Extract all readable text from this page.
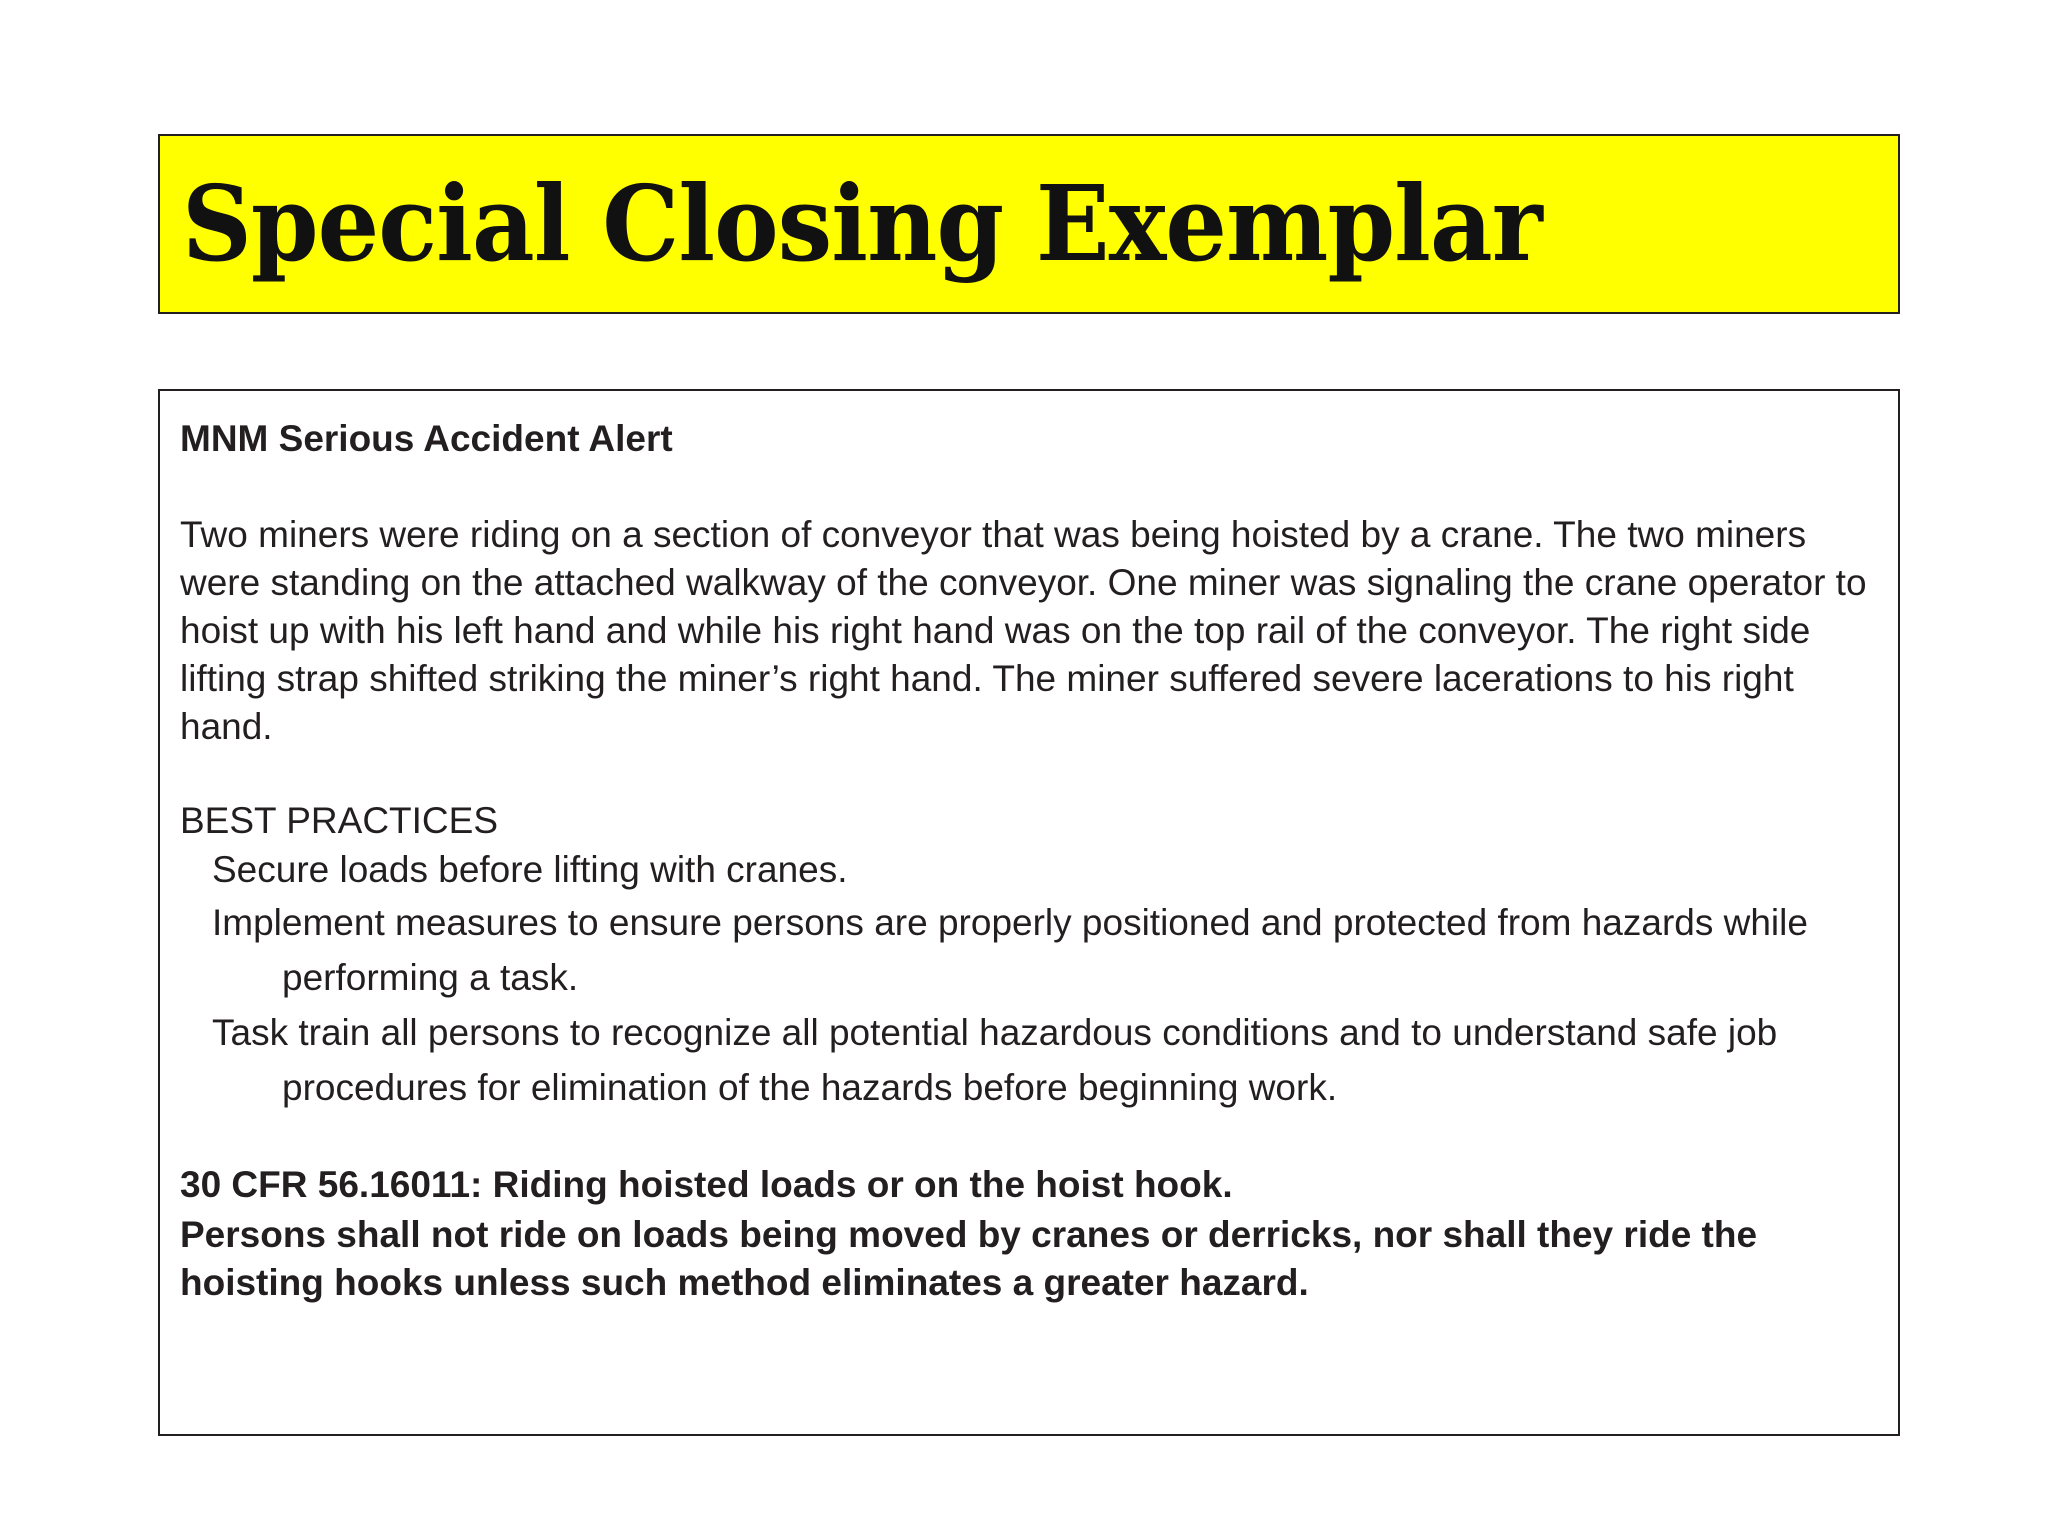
Special Closing Exemplar
MNM Serious Accident Alert
Two miners were riding on a section of conveyor that was being hoisted by a crane. The two miners were standing on the attached walkway of the conveyor. One miner was signaling the crane operator to hoist up with his left hand and while his right hand was on the top rail of the conveyor. The right side lifting strap shifted striking the miner’s right hand. The miner suffered severe lacerations to his right hand.
BEST PRACTICES
Secure loads before lifting with cranes.
Implement measures to ensure persons are properly positioned and protected from hazards while performing a task.
Task train all persons to recognize all potential hazardous conditions and to understand safe job procedures for elimination of the hazards before beginning work.
30 CFR 56.16011: Riding hoisted loads or on the hoist hook.
Persons shall not ride on loads being moved by cranes or derricks, nor shall they ride the hoisting hooks unless such method eliminates a greater hazard.
